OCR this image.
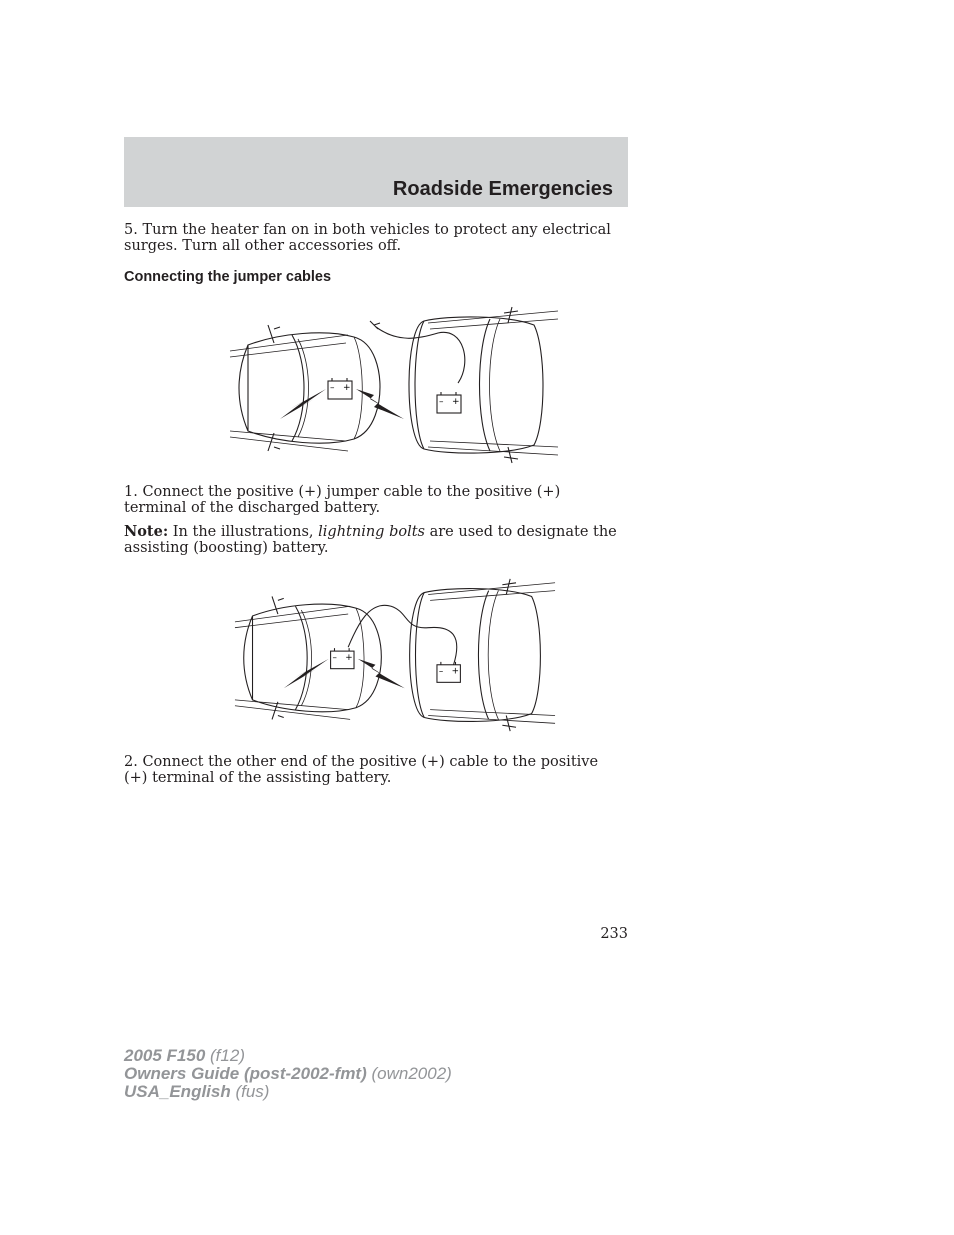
Roadside Emergencies

5. Turn the heater fan on in both vehicles to protect any electrical surges. Turn all other accessories off.

Connecting the jumper cables
– +
– +

1. Connect the positive (+) jumper cable to the positive (+) terminal of the discharged battery.

Note: In the illustrations, lightning bolts are used to designate the assisting (boosting) battery.

– +
– +

2. Connect the other end of the positive (+) cable to the positive (+) terminal of the assisting battery.

233
2005 F150 (f12)
Owners Guide (post-2002-fmt) (own2002)
USA_English (fus)
